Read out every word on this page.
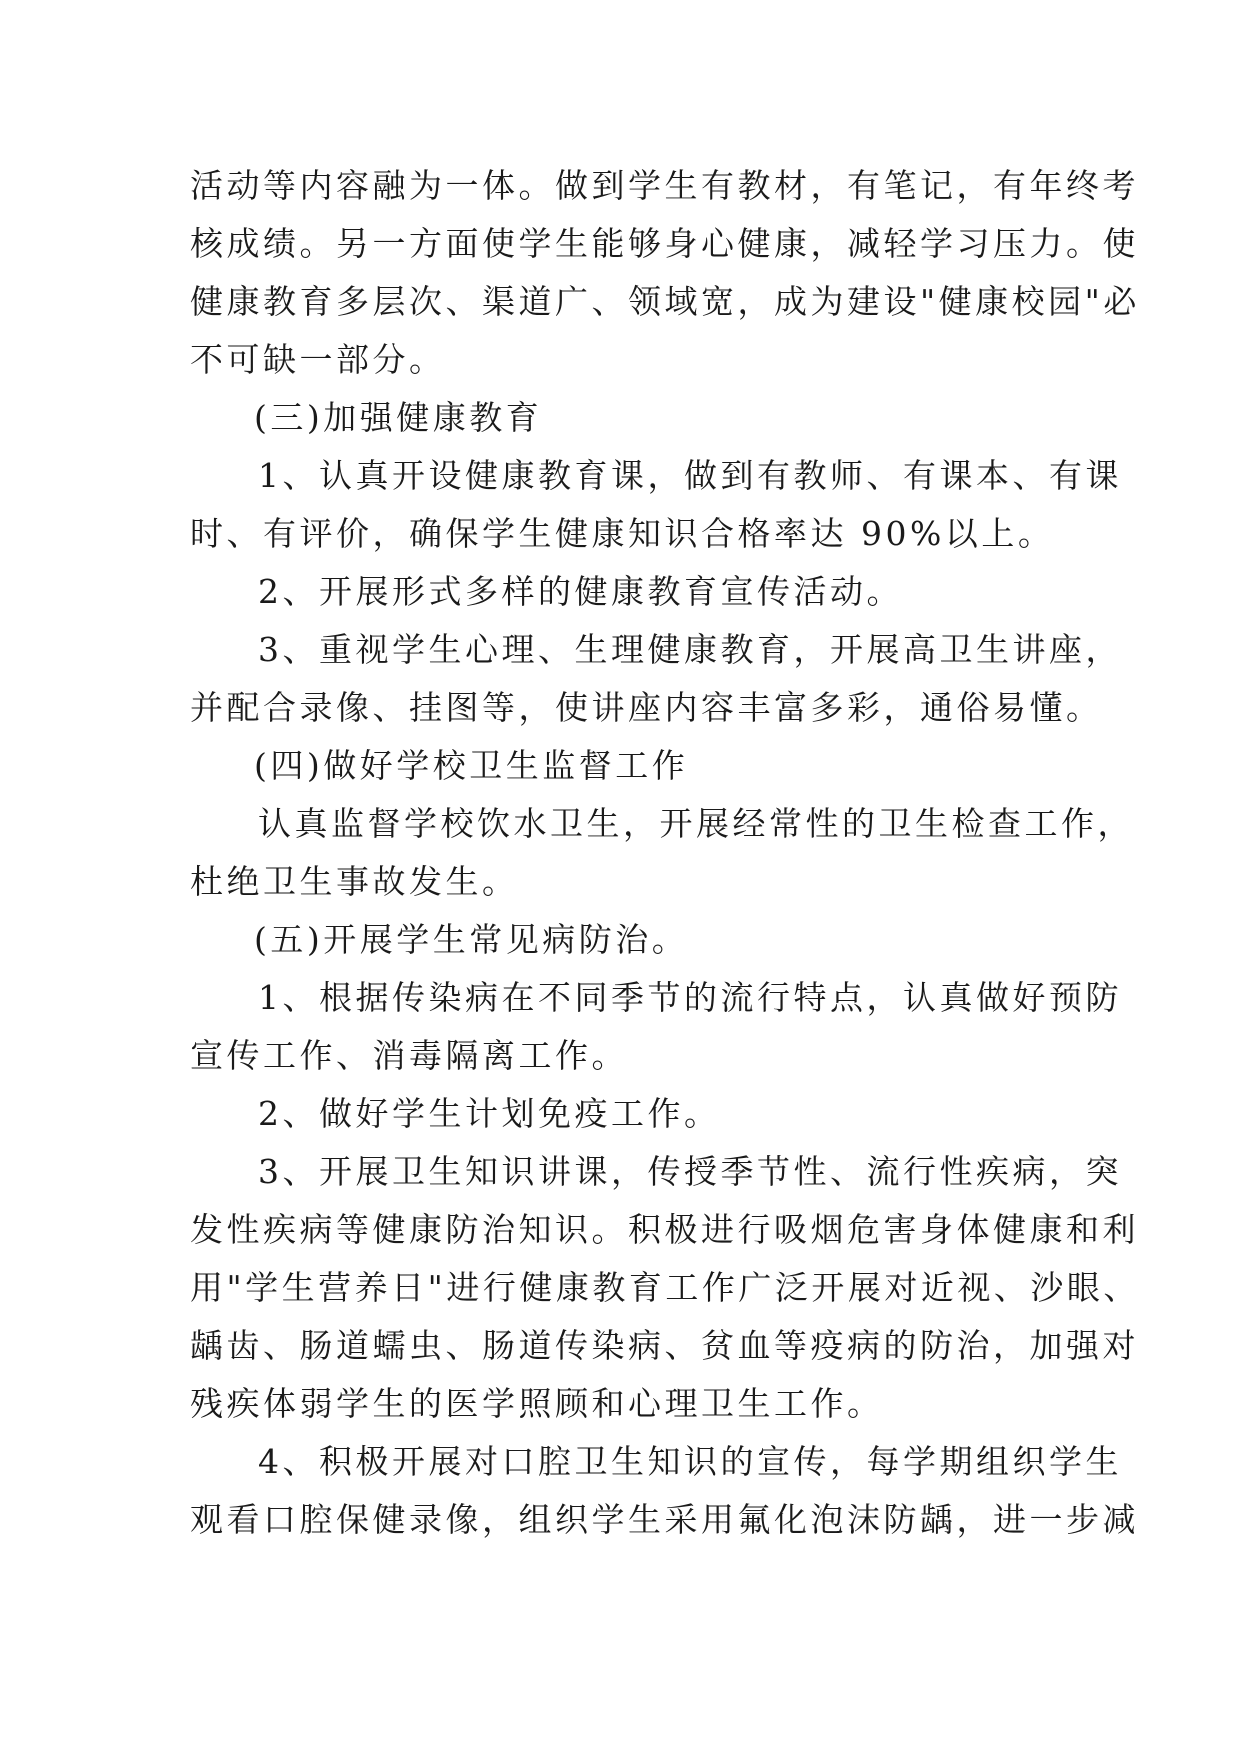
活动等内容融为一体。做到学生有教材，有笔记，有年终考
核成绩。另一方面使学生能够身心健康，减轻学习压力。使
健康教育多层次、渠道广、领域宽，成为建设"健康校园"必
不可缺一部分。
(三)加强健康教育
1、认真开设健康教育课，做到有教师、有课本、有课
时、有评价，确保学生健康知识合格率达 90%以上。
2、开展形式多样的健康教育宣传活动。
3、重视学生心理、生理健康教育，开展高卫生讲座，
并配合录像、挂图等，使讲座内容丰富多彩，通俗易懂。
(四)做好学校卫生监督工作
认真监督学校饮水卫生，开展经常性的卫生检查工作，
杜绝卫生事故发生。
(五)开展学生常见病防治。
1、根据传染病在不同季节的流行特点，认真做好预防
宣传工作、消毒隔离工作。
2、做好学生计划免疫工作。
3、开展卫生知识讲课，传授季节性、流行性疾病，突
发性疾病等健康防治知识。积极进行吸烟危害身体健康和利
用"学生营养日"进行健康教育工作广泛开展对近视、沙眼、
龋齿、肠道蠕虫、肠道传染病、贫血等疫病的防治，加强对
残疾体弱学生的医学照顾和心理卫生工作。
4、积极开展对口腔卫生知识的宣传，每学期组织学生
观看口腔保健录像，组织学生采用氟化泡沫防龋，进一步减
